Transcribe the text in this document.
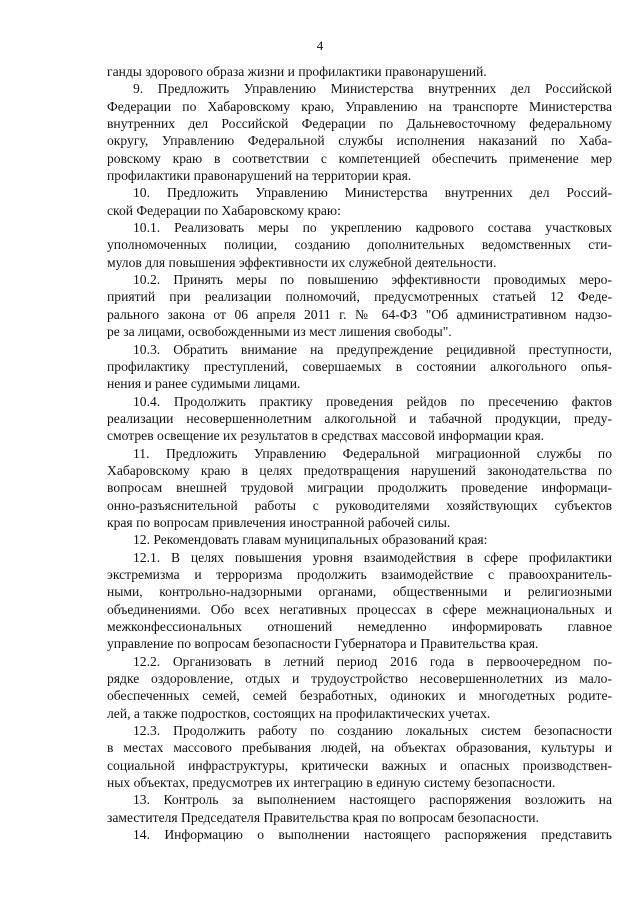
4
ганды здорового образа жизни и профилактики правонарушений.
9. Предложить Управлению Министерства внутренних дел Российской
Федерации по Хабаровскому краю, Управлению на транспорте Министерства
внутренних дел Российской Федерации по Дальневосточному федеральному
округу, Управлению Федеральной службы исполнения наказаний по Хаба-
ровскому краю в соответствии с компетенцией обеспечить применение мер
профилактики правонарушений на территории края.
10. Предложить Управлению Министерства внутренних дел Россий-
ской Федерации по Хабаровскому краю:
10.1. Реализовать меры по укреплению кадрового состава участковых
уполномоченных полиции, созданию дополнительных ведомственных сти-
мулов для повышения эффективности их служебной деятельности.
10.2. Принять меры по повышению эффективности проводимых меро-
приятий при реализации полномочий, предусмотренных статьей 12 Феде-
рального закона от 06 апреля 2011 г. № 64-ФЗ "Об административном надзо-
ре за лицами, освобожденными из мест лишения свободы".
10.3. Обратить внимание на предупреждение рецидивной преступности,
профилактику преступлений, совершаемых в состоянии алкогольного опья-
нения и ранее судимыми лицами.
10.4. Продолжить практику проведения рейдов по пресечению фактов
реализации несовершеннолетним алкогольной и табачной продукции, преду-
смотрев освещение их результатов в средствах массовой информации края.
11. Предложить Управлению Федеральной миграционной службы по
Хабаровскому краю в целях предотвращения нарушений законодательства по
вопросам внешней трудовой миграции продолжить проведение информаци-
онно-разъяснительной работы с руководителями хозяйствующих субъектов
края по вопросам привлечения иностранной рабочей силы.
12. Рекомендовать главам муниципальных образований края:
12.1. В целях повышения уровня взаимодействия в сфере профилактики
экстремизма и терроризма продолжить взаимодействие с правоохранитель-
ными, контрольно-надзорными органами, общественными и религиозными
объединениями. Обо всех негативных процессах в сфере межнациональных и
межконфессиональных отношений немедленно информировать главное
управление по вопросам безопасности Губернатора и Правительства края.
12.2. Организовать в летний период 2016 года в первоочередном по-
рядке оздоровление, отдых и трудоустройство несовершеннолетних из мало-
обеспеченных семей, семей безработных, одиноких и многодетных родите-
лей, а также подростков, состоящих на профилактических учетах.
12.3. Продолжить работу по созданию локальных систем безопасности
в местах массового пребывания людей, на объектах образования, культуры и
социальной инфраструктуры, критически важных и опасных производствен-
ных объектах, предусмотрев их интеграцию в единую систему безопасности.
13. Контроль за выполнением настоящего распоряжения возложить на
заместителя Председателя Правительства края по вопросам безопасности.
14. Информацию о выполнении настоящего распоряжения представить
